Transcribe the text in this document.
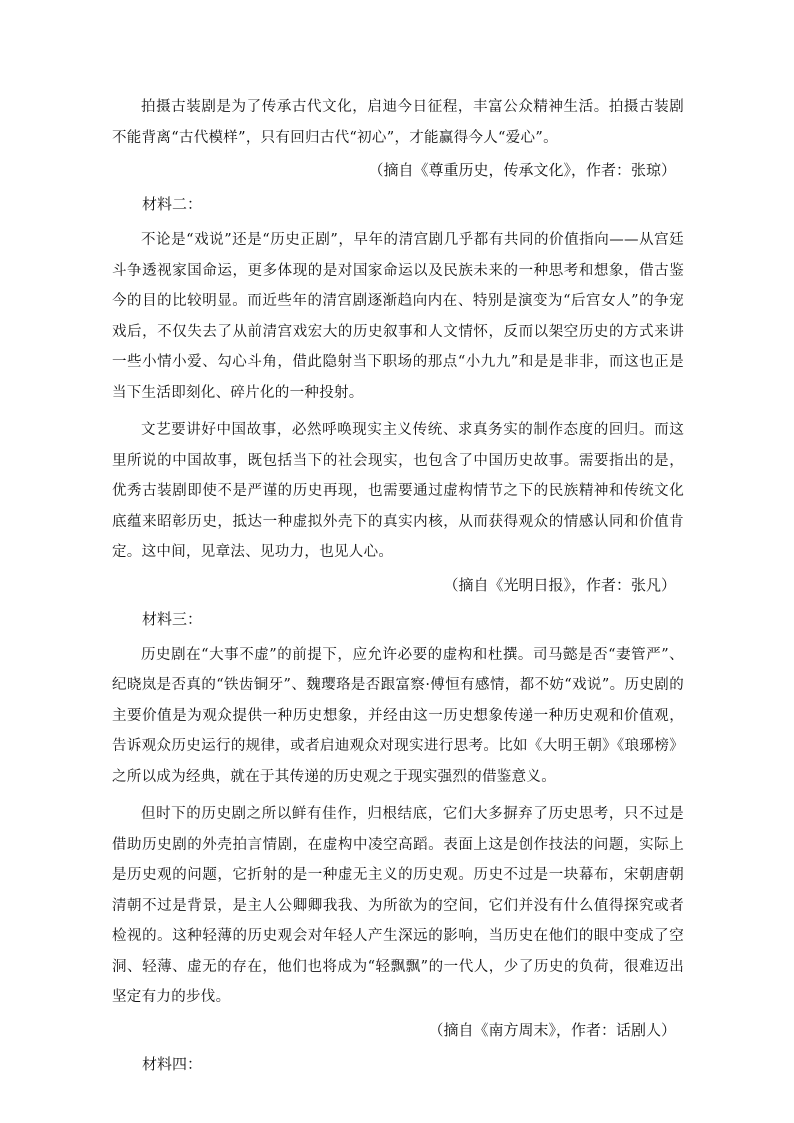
拍摄古装剧是为了传承古代文化，启迪今日征程，丰富公众精神生活。拍摄古装剧不能背离“古代模样”，只有回归古代“初心”，才能赢得今人“爱心”。

（摘自《尊重历史，传承文化》，作者：张琼）
材料二：

不论是“戏说”还是“历史正剧”，早年的清宫剧几乎都有共同的价值指向——从宫廷斗争透视家国命运，更多体现的是对国家命运以及民族未来的一种思考和想象，借古鉴今的目的比较明显。而近些年的清宫剧逐渐趋向内在、特别是演变为“后宫女人”的争宠戏后，不仅失去了从前清宫戏宏大的历史叙事和人文情怀，反而以架空历史的方式来讲一些小情小爱、勾心斗角，借此隐射当下职场的那点“小九九”和是是非非，而这也正是当下生活即刻化、碎片化的一种投射。

文艺要讲好中国故事，必然呼唤现实主义传统、求真务实的制作态度的回归。而这里所说的中国故事，既包括当下的社会现实，也包含了中国历史故事。需要指出的是，优秀古装剧即使不是严谨的历史再现，也需要通过虚构情节之下的民族精神和传统文化底蕴来昭彰历史，抵达一种虚拟外壳下的真实内核，从而获得观众的情感认同和价值肯定。这中间，见章法、见功力，也见人心。

（摘自《光明日报》，作者：张凡）
材料三：

历史剧在“大事不虚”的前提下，应允许必要的虚构和杜撰。司马懿是否“妻管严”、纪晓岚是否真的“铁齿铜牙”、魏璎珞是否跟富察·傅恒有感情，都不妨“戏说”。历史剧的主要价值是为观众提供一种历史想象，并经由这一历史想象传递一种历史观和价值观，告诉观众历史运行的规律，或者启迪观众对现实进行思考。比如《大明王朝》《琅琊榜》之所以成为经典，就在于其传递的历史观之于现实强烈的借鉴意义。

但时下的历史剧之所以鲜有佳作，归根结底，它们大多摒弃了历史思考，只不过是借助历史剧的外壳拍言情剧，在虚构中凌空高蹈。表面上这是创作技法的问题，实际上是历史观的问题，它折射的是一种虚无主义的历史观。历史不过是一块幕布，宋朝唐朝清朝不过是背景，是主人公卿卿我我、为所欲为的空间，它们并没有什么值得探究或者检视的。这种轻薄的历史观会对年轻人产生深远的影响，当历史在他们的眼中变成了空洞、轻薄、虚无的存在，他们也将成为“轻飘飘”的一代人，少了历史的负荷，很难迈出坚定有力的步伐。

（摘自《南方周末》，作者：话剧人）
材料四：
